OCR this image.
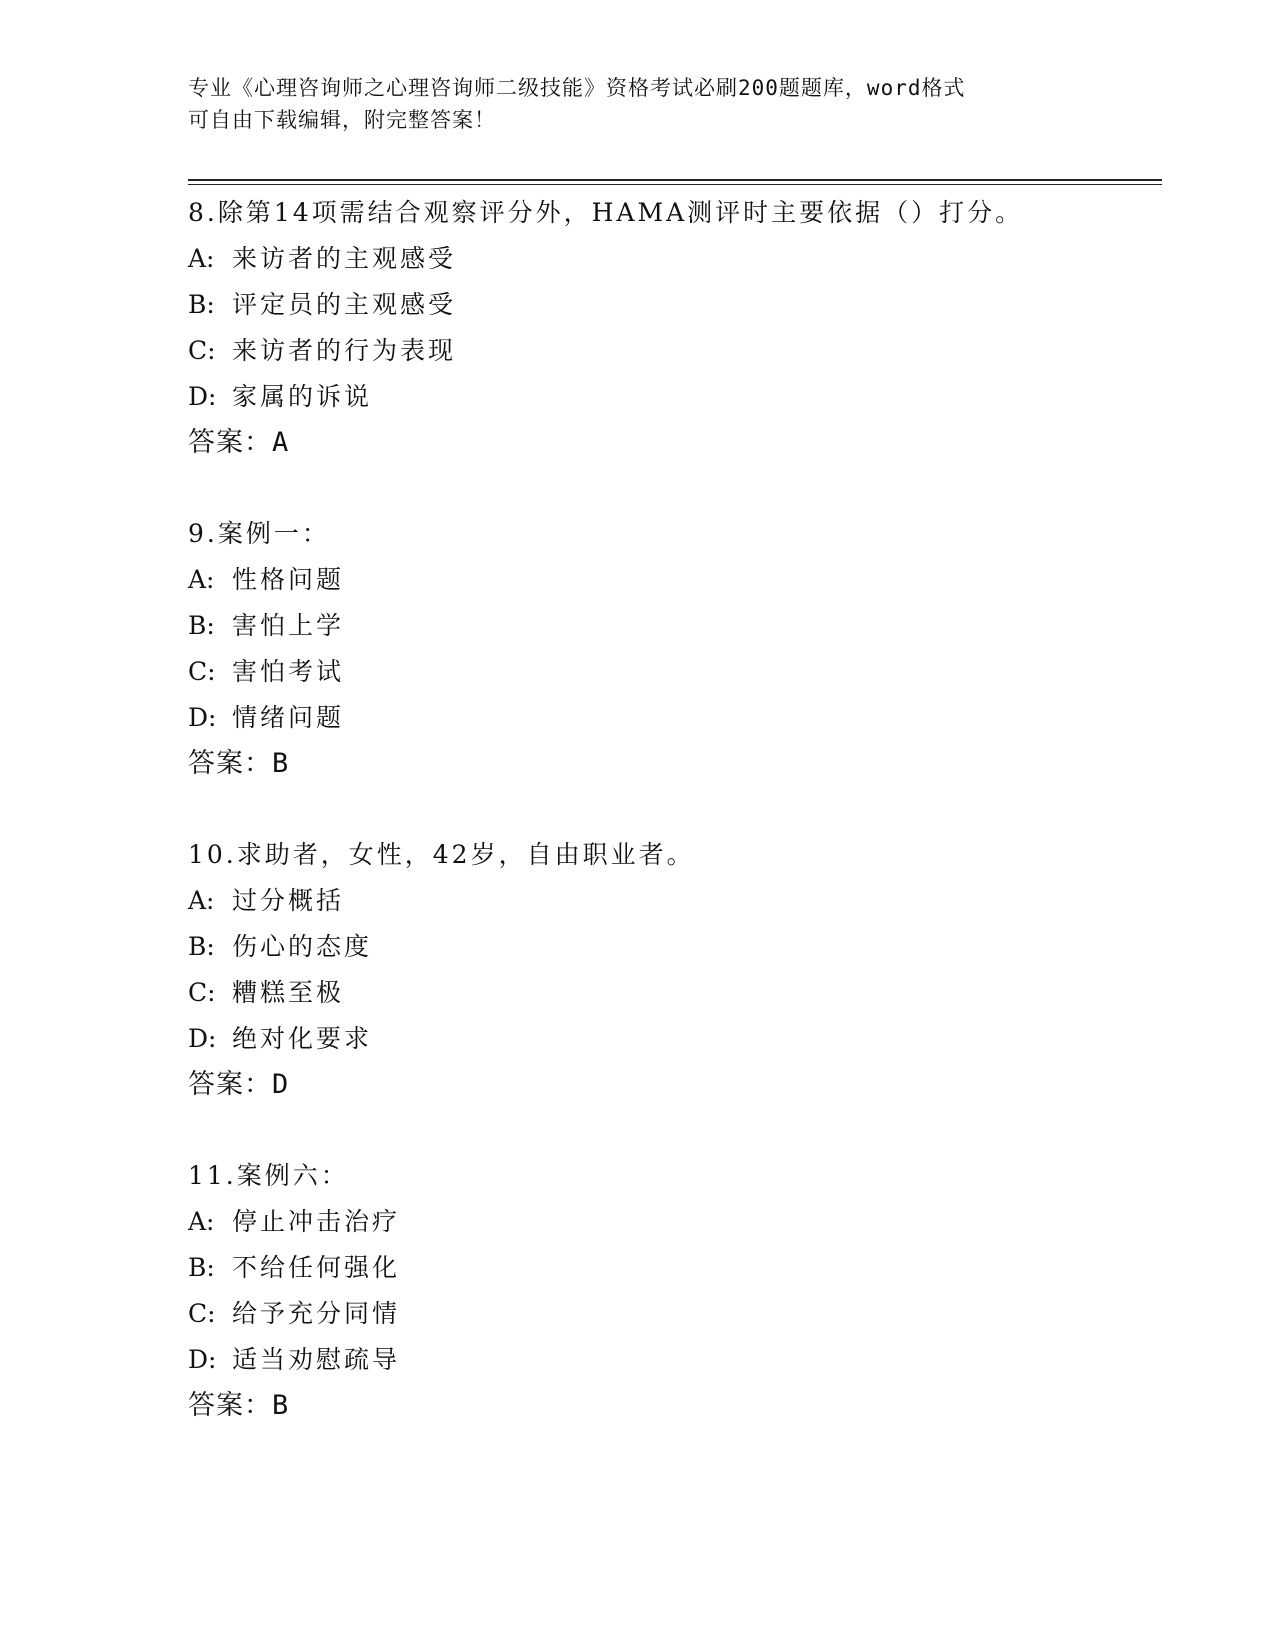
专业《心理咨询师之心理咨询师二级技能》资格考试必刷200题题库，word格式
可自由下载编辑，附完整答案！
8.除第14项需结合观察评分外，HAMA测评时主要依据（）打分。
A: 来访者的主观感受
B: 评定员的主观感受
C: 来访者的行为表现
D: 家属的诉说
答案：A
9.案例一：
A: 性格问题
B: 害怕上学
C: 害怕考试
D: 情绪问题
答案：B
10.求助者，女性，42岁，自由职业者。
A: 过分概括
B: 伤心的态度
C: 糟糕至极
D: 绝对化要求
答案：D
11.案例六：
A: 停止冲击治疗
B: 不给任何强化
C: 给予充分同情
D: 适当劝慰疏导
答案：B
